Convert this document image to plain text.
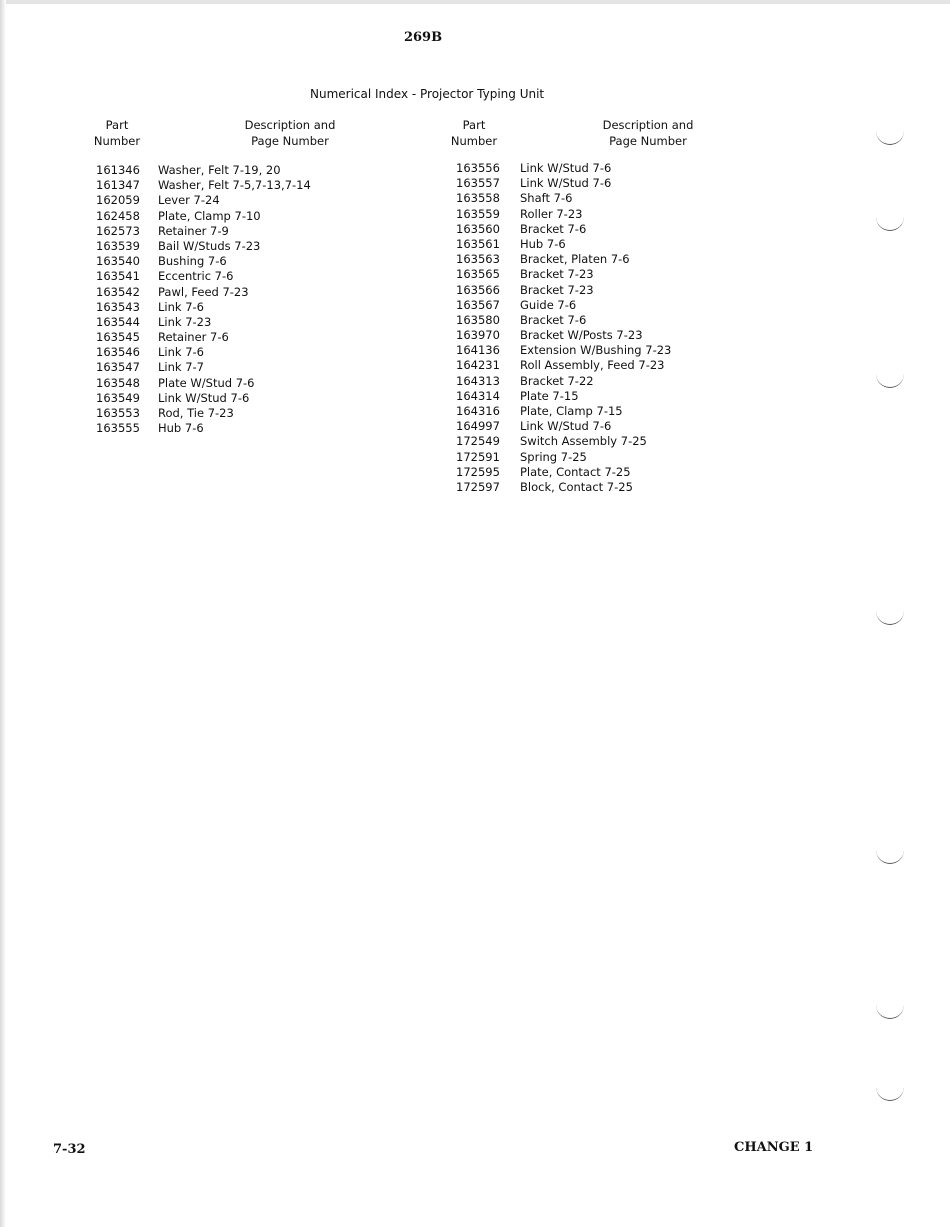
269B
Numerical Index - Projector Typing Unit
Part
Number
Description and
Page Number
Part
Number
Description and
Page Number
161346 Washer, Felt 7-19, 20
161347 Washer, Felt 7-5,7-13,7-14
162059 Lever 7-24
162458 Plate, Clamp 7-10
162573 Retainer 7-9
163539 Bail W/Studs 7-23
163540 Bushing 7-6
163541 Eccentric 7-6
163542 Pawl, Feed 7-23
163543 Link 7-6
163544 Link 7-23
163545 Retainer 7-6
163546 Link 7-6
163547 Link 7-7
163548 Plate W/Stud 7-6
163549 Link W/Stud 7-6
163553 Rod, Tie 7-23
163555 Hub 7-6
163556 Link W/Stud 7-6
163557 Link W/Stud 7-6
163558 Shaft 7-6
163559 Roller 7-23
163560 Bracket 7-6
163561 Hub 7-6
163563 Bracket, Platen 7-6
163565 Bracket 7-23
163566 Bracket 7-23
163567 Guide 7-6
163580 Bracket 7-6
163970 Bracket W/Posts 7-23
164136 Extension W/Bushing 7-23
164231 Roll Assembly, Feed 7-23
164313 Bracket 7-22
164314 Plate 7-15
164316 Plate, Clamp 7-15
164997 Link W/Stud 7-6
172549 Switch Assembly 7-25
172591 Spring 7-25
172595 Plate, Contact 7-25
172597 Block, Contact 7-25
7-32	CHANGE 1
